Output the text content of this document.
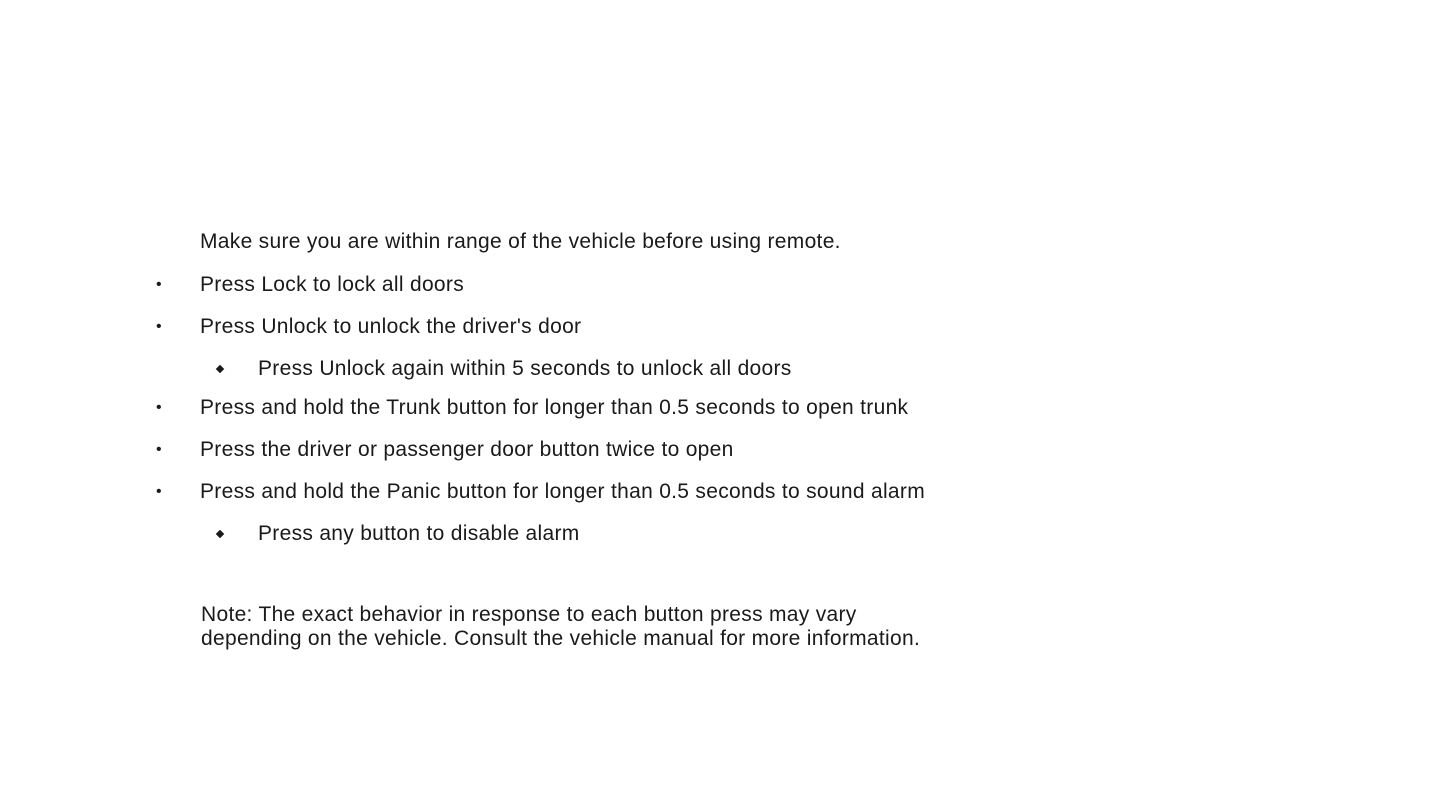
Make sure you are within range of the vehicle before using remote.
• Press Lock to lock all doors
• Press Unlock to unlock the driver's door
Press Unlock again within 5 seconds to unlock all doors
• Press and hold the Trunk button for longer than 0.5 seconds to open trunk
• Press the driver or passenger door button twice to open
• Press and hold the Panic button for longer than 0.5 seconds to sound alarm
Press any button to disable alarm
Note: The exact behavior in response to each button press may vary
depending on the vehicle. Consult the vehicle manual for more information.
